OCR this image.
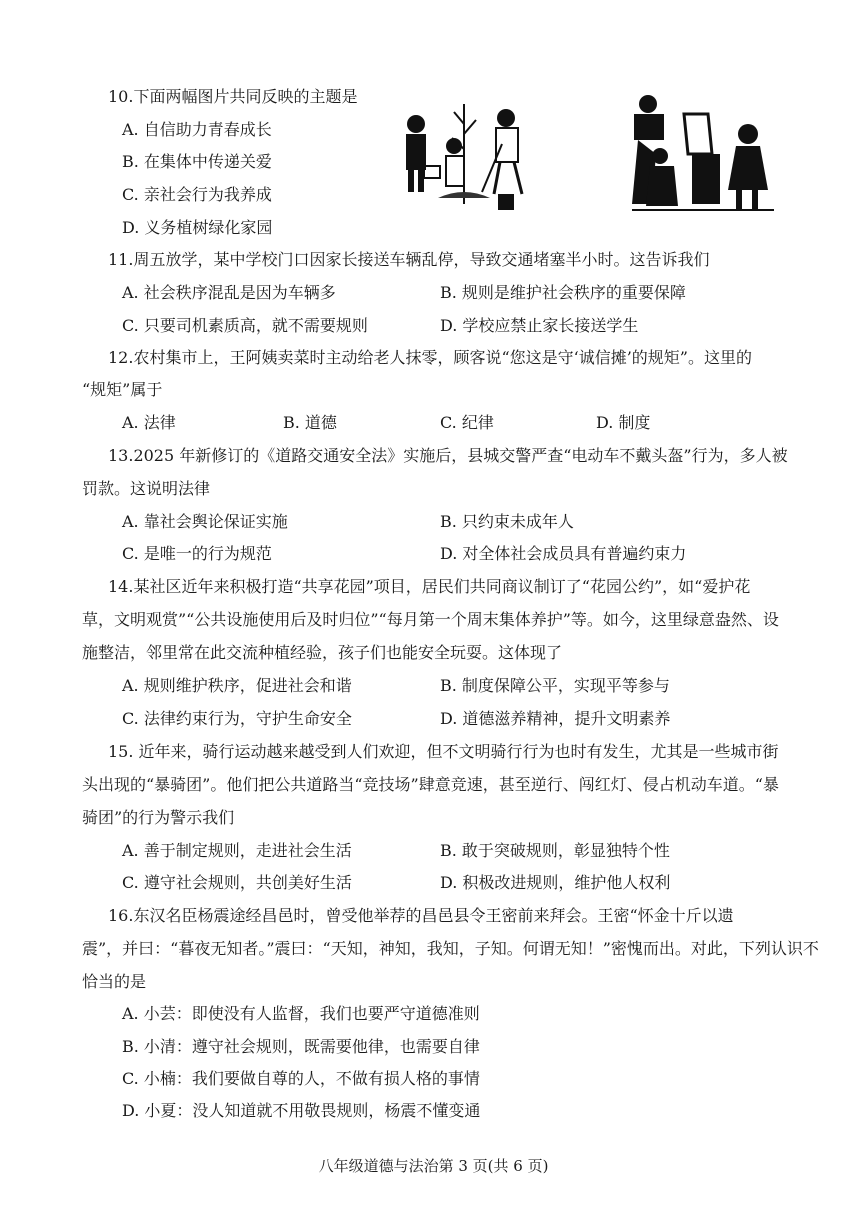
10.下面两幅图片共同反映的主题是
A. 自信助力青春成长
B. 在集体中传递关爱
C. 亲社会行为我养成
D. 义务植树绿化家园
11.周五放学，某中学校门口因家长接送车辆乱停，导致交通堵塞半小时。这告诉我们
A. 社会秩序混乱是因为车辆多	B. 规则是维护社会秩序的重要保障
C. 只要司机素质高，就不需要规则	D. 学校应禁止家长接送学生
12.农村集市上，王阿姨卖菜时主动给老人抹零，顾客说“您这是守‘诚信摊’的规矩”。这里的
“规矩”属于
A. 法律	B. 道德	C. 纪律	D. 制度
13.2025 年新修订的《道路交通安全法》实施后，县城交警严查“电动车不戴头盔”行为，多人被
罚款。这说明法律
A. 靠社会舆论保证实施	B. 只约束未成年人
C. 是唯一的行为规范	D. 对全体社会成员具有普遍约束力
14.某社区近年来积极打造“共享花园”项目，居民们共同商议制订了“花园公约”，如“爱护花
草，文明观赏”“公共设施使用后及时归位”“每月第一个周末集体养护”等。如今，这里绿意盎然、设
施整洁，邻里常在此交流种植经验，孩子们也能安全玩耍。这体现了
A. 规则维护秩序，促进社会和谐	B. 制度保障公平，实现平等参与
C. 法律约束行为，守护生命安全	D. 道德滋养精神，提升文明素养
15. 近年来，骑行运动越来越受到人们欢迎，但不文明骑行行为也时有发生，尤其是一些城市街
头出现的“暴骑团”。他们把公共道路当“竞技场”肆意竞速，甚至逆行、闯红灯、侵占机动车道。“暴
骑团”的行为警示我们
A. 善于制定规则，走进社会生活	B. 敢于突破规则，彰显独特个性
C. 遵守社会规则，共创美好生活	D. 积极改进规则，维护他人权利
16.东汉名臣杨震途经昌邑时，曾受他举荐的昌邑县令王密前来拜会。王密“怀金十斤以遗
震”，并曰：“暮夜无知者。”震曰：“天知，神知，我知，子知。何谓无知！”密愧而出。对此，下列认识不
恰当的是
A. 小芸：即使没有人监督，我们也要严守道德准则
B. 小清：遵守社会规则，既需要他律，也需要自律
C. 小楠：我们要做自尊的人，不做有损人格的事情
D. 小夏：没人知道就不用敬畏规则，杨震不懂变通
八年级道德与法治第 3 页(共 6 页)
